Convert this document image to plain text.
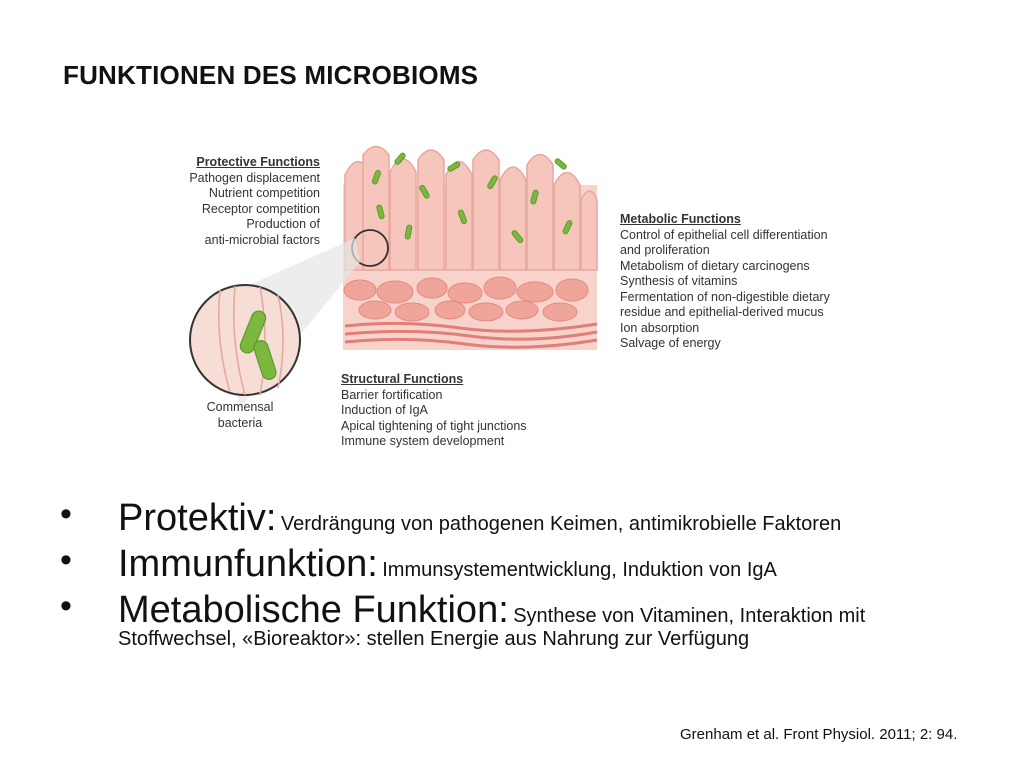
FUNKTIONEN DES MICROBIOMS
Protective Functions
Pathogen displacement
Nutrient competition
Receptor competition
Production of
anti-microbial factors
Metabolic Functions
Control of epithelial cell differentiation
and proliferation
Metabolism of dietary carcinogens
Synthesis of vitamins
Fermentation of non-digestible dietary
residue and epithelial-derived mucus
Ion absorption
Salvage of energy
Structural Functions
Barrier fortification
Induction of IgA
Apical tightening of tight junctions
Immune system development
Commensal
bacteria
• Protektiv: Verdrängung von pathogenen Keimen, antimikrobielle Faktoren
• Immunfunktion: Immunsystementwicklung, Induktion von IgA
• Metabolische Funktion: Synthese von Vitaminen, Interaktion mit
Stoffwechsel, «Bioreaktor»: stellen Energie aus Nahrung zur Verfügung
Grenham et al. Front Physiol. 2011; 2: 94.
